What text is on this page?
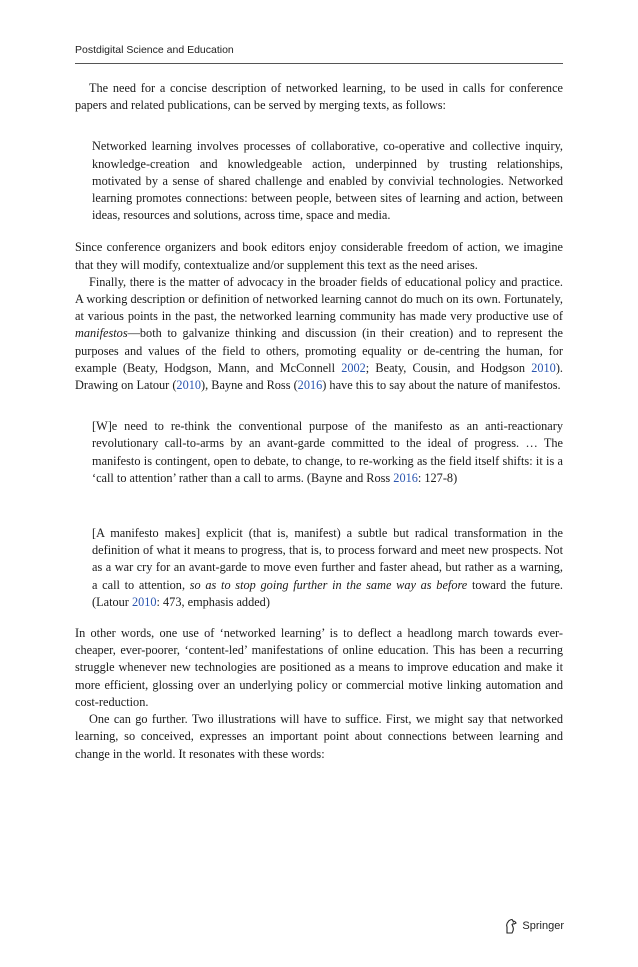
Postdigital Science and Education

The need for a concise description of networked learning, to be used in calls for conference papers and related publications, can be served by merging texts, as follows:

Networked learning involves processes of collaborative, co-operative and collective inquiry, knowledge-creation and knowledgeable action, underpinned by trusting relationships, motivated by a sense of shared challenge and enabled by convivial technologies. Networked learning promotes connections: between people, between sites of learning and action, between ideas, resources and solutions, across time, space and media.

Since conference organizers and book editors enjoy considerable freedom of action, we imagine that they will modify, contextualize and/or supplement this text as the need arises.

Finally, there is the matter of advocacy in the broader fields of educational policy and practice. A working description or definition of networked learning cannot do much on its own. Fortunately, at various points in the past, the networked learning community has made very productive use of manifestos—both to galvanize thinking and discussion (in their creation) and to represent the purposes and values of the field to others, promoting equality or de-centring the human, for example (Beaty, Hodgson, Mann, and McConnell 2002; Beaty, Cousin, and Hodgson 2010). Drawing on Latour (2010), Bayne and Ross (2016) have this to say about the nature of manifestos.

[W]e need to re-think the conventional purpose of the manifesto as an anti-reactionary revolutionary call-to-arms by an avant-garde committed to the ideal of progress. … The manifesto is contingent, open to debate, to change, to re-working as the field itself shifts: it is a ‘call to attention’ rather than a call to arms. (Bayne and Ross 2016: 127-8)

[A manifesto makes] explicit (that is, manifest) a subtle but radical transformation in the definition of what it means to progress, that is, to process forward and meet new prospects. Not as a war cry for an avant-garde to move even further and faster ahead, but rather as a warning, a call to attention, so as to stop going further in the same way as before toward the future. (Latour 2010: 473, emphasis added)

In other words, one use of ‘networked learning’ is to deflect a headlong march towards ever-cheaper, ever-poorer, ‘content-led’ manifestations of online education. This has been a recurring struggle whenever new technologies are positioned as a means to improve education and make it more efficient, glossing over an underlying policy or commercial motive linking automation and cost-reduction.

One can go further. Two illustrations will have to suffice. First, we might say that networked learning, so conceived, expresses an important point about connections between learning and change in the world. It resonates with these words:

Springer
